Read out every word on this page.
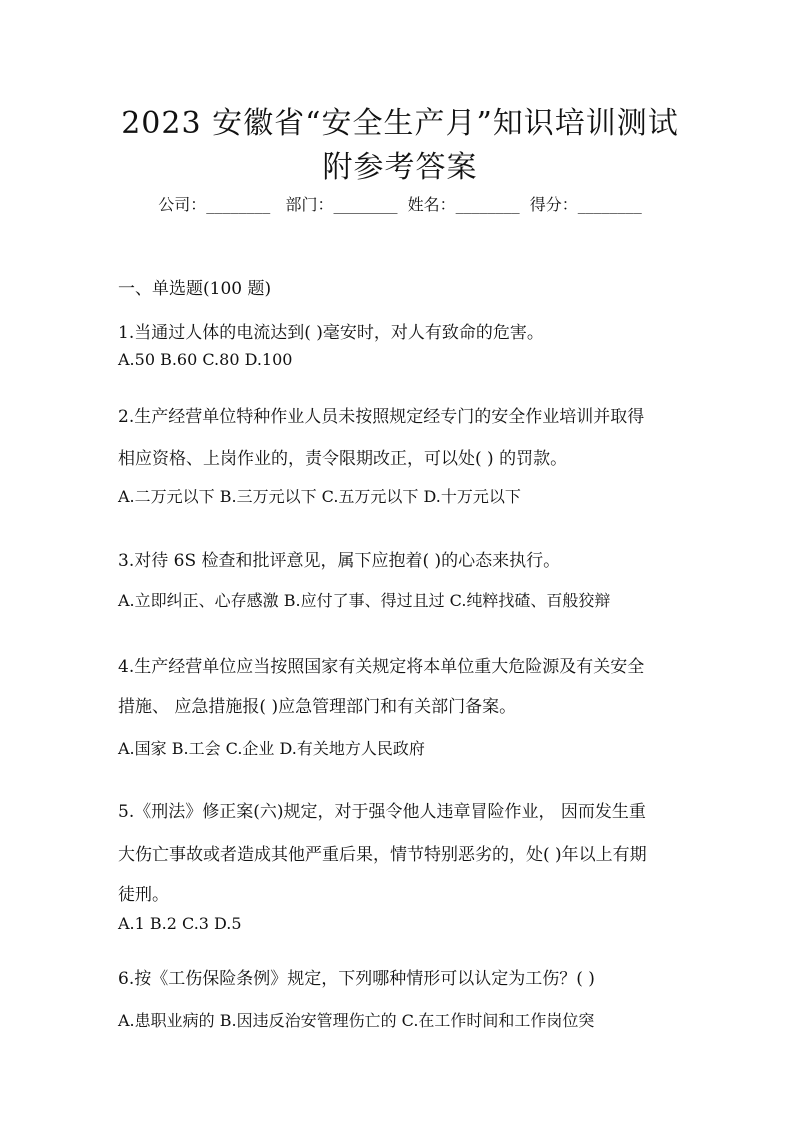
2023 安徽省“安全生产月”知识培训测试
附参考答案
公司：________   部门：________  姓名：________  得分：________
一、单选题(100 题)
1.当通过人体的电流达到( )毫安时，对人有致命的危害。
A.50 B.60 C.80 D.100
2.生产经营单位特种作业人员未按照规定经专门的安全作业培训并取得
相应资格、上岗作业的，责令限期改正，可以处( ) 的罚款。
A.二万元以下 B.三万元以下 C.五万元以下 D.十万元以下
3.对待 6S 检查和批评意见，属下应抱着( )的心态来执行。
A.立即纠正、心存感激 B.应付了事、得过且过 C.纯粹找碴、百般狡辩
4.生产经营单位应当按照国家有关规定将本单位重大危险源及有关安全
措施、 应急措施报( )应急管理部门和有关部门备案。
A.国家 B.工会 C.企业 D.有关地方人民政府
5.《刑法》修正案(六)规定，对于强令他人违章冒险作业， 因而发生重
大伤亡事故或者造成其他严重后果，情节特别恶劣的，处( )年以上有期
徒刑。
A.1 B.2 C.3 D.5
6.按《工伤保险条例》规定，下列哪种情形可以认定为工伤？( )
A.患职业病的 B.因违反治安管理伤亡的 C.在工作时间和工作岗位突
